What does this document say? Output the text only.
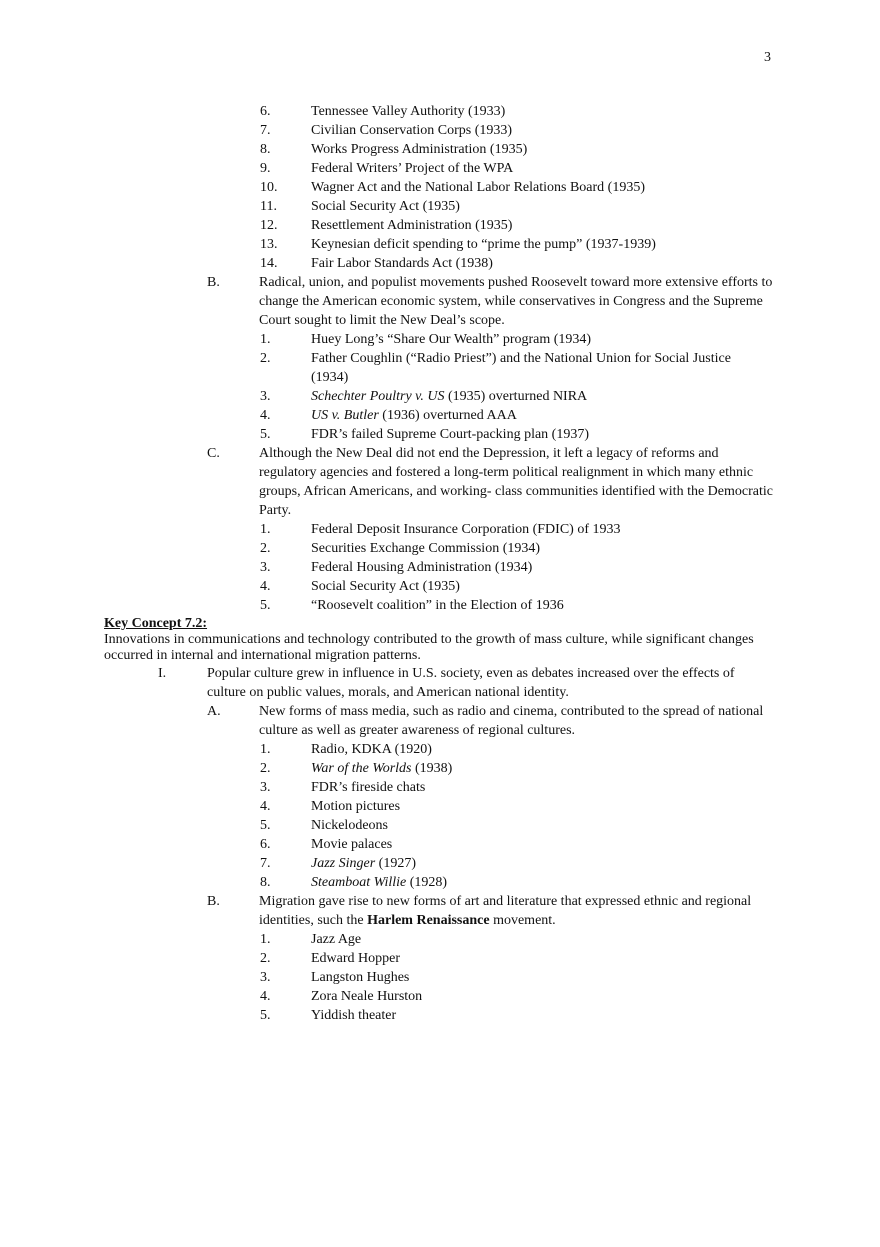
3
6.	Tennessee Valley Authority (1933)
7.	Civilian Conservation Corps (1933)
8.	Works Progress Administration (1935)
9.	Federal Writers’ Project of the WPA
10. Wagner Act and the National Labor Relations Board (1935)
11. Social Security Act (1935)
12. Resettlement Administration (1935)
13. Keynesian deficit spending to “prime the pump” (1937-1939)
14. Fair Labor Standards Act (1938)
B.	Radical, union, and populist movements pushed Roosevelt toward more extensive efforts to change the American economic system, while conservatives in Congress and the Supreme Court sought to limit the New Deal’s scope.
1.	Huey Long’s “Share Our Wealth” program (1934)
2.	Father Coughlin (“Radio Priest”) and the National Union for Social Justice (1934)
3.	Schechter Poultry v. US (1935) overturned NIRA
4.	US v. Butler (1936) overturned AAA
5.	FDR’s failed Supreme Court-packing plan (1937)
C.	Although the New Deal did not end the Depression, it left a legacy of reforms and regulatory agencies and fostered a long-term political realignment in which many ethnic groups, African Americans, and working- class communities identified with the Democratic Party.
1.	Federal Deposit Insurance Corporation (FDIC) of 1933
2.	Securities Exchange Commission (1934)
3.	Federal Housing Administration (1934)
4.	Social Security Act (1935)
5.	“Roosevelt coalition” in the Election of 1936
Key Concept 7.2:
Innovations in communications and technology contributed to the growth of mass culture, while significant changes occurred in internal and international migration patterns.
I.	Popular culture grew in influence in U.S. society, even as debates increased over the effects of culture on public values, morals, and American national identity.
A.	New forms of mass media, such as radio and cinema, contributed to the spread of national culture as well as greater awareness of regional cultures.
1.	Radio, KDKA (1920)
2.	War of the Worlds (1938)
3.	FDR’s fireside chats
4.	Motion pictures
5.	Nickelodeons
6.	Movie palaces
7.	Jazz Singer (1927)
8.	Steamboat Willie (1928)
B.	Migration gave rise to new forms of art and literature that expressed ethnic and regional identities, such the Harlem Renaissance movement.
1.	Jazz Age
2.	Edward Hopper
3.	Langston Hughes
4.	Zora Neale Hurston
5.	Yiddish theater
